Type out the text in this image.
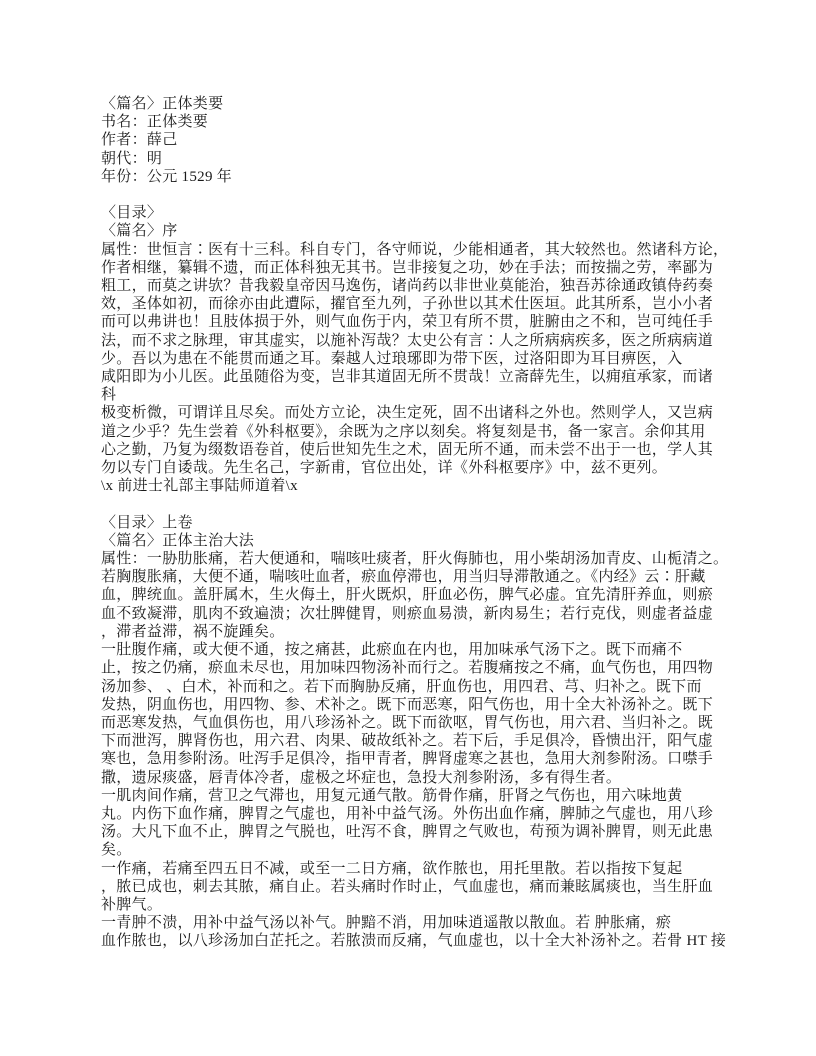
〈篇名〉正体类要
书名：正体类要
作者：薛己
朝代：明
年份：公元 1529 年

〈目录〉
〈篇名〉序
属性：世恒言∶医有十三科。科自专门，各守师说，少能相通者，其大较然也。然诸科方论，
作者相继，纂辑不遗，而正体科独无其书。岂非接复之功，妙在手法；而按揣之劳，率鄙为
粗工，而莫之讲欤？昔我毅皇帝因马逸伤，诸尚药以非世业莫能治，独吾苏徐通政镇侍药奏
效，圣体如初，而徐亦由此遭际，擢官至九列，子孙世以其术仕医垣。此其所系，岂小小者
而可以弗讲也！且肢体损于外，则气血伤于内，荣卫有所不贯，脏腑由之不和，岂可纯任手
法，而不求之脉理，审其虚实，以施补泻哉？太史公有言∶人之所病病疾多，医之所病病道
少。吾以为患在不能贯而通之耳。秦越人过琅琊即为带下医，过洛阳即为耳目痹医，入
咸阳即为小儿医。此虽随俗为变，岂非其道固无所不贯哉！立斋薛先生，以痈疽承家，而诸
科
极变析微，可谓详且尽矣。而处方立论，决生定死，固不出诸科之外也。然则学人，又岂病
道之少乎？先生尝着《外科枢要》，余既为之序以刻矣。将复刻是书，备一家言。余仰其用
心之勤，乃复为缀数语卷首，使后世知先生之术，固无所不通，而未尝不出于一也，学人其
勿以专门自诿哉。先生名己，字新甫，官位出处，详《外科枢要序》中，兹不更列。
\x 前进士礼部主事陆师道着\x

〈目录〉上卷
〈篇名〉正体主治大法
属性：一胁肋胀痛，若大便通和，喘咳吐痰者，肝火侮肺也，用小柴胡汤加青皮、山栀清之。
若胸腹胀痛，大便不通，喘咳吐血者，瘀血停滞也，用当归导滞散通之。《内经》云∶肝藏
血，脾统血。盖肝属木，生火侮土，肝火既炽，肝血必伤，脾气必虚。宜先清肝养血，则瘀
血不致凝滞，肌肉不致遍溃；次壮脾健胃，则瘀血易溃，新肉易生；若行克伐，则虚者益虚
，滞者益滞，祸不旋踵矣。
一肚腹作痛，或大便不通，按之痛甚，此瘀血在内也，用加味承气汤下之。既下而痛不
止，按之仍痛，瘀血未尽也，用加味四物汤补而行之。若腹痛按之不痛，血气伤也，用四物
汤加参、 、白术，补而和之。若下而胸胁反痛，肝血伤也，用四君、芎、归补之。既下而
发热，阴血伤也，用四物、参、术补之。既下而恶寒，阳气伤也，用十全大补汤补之。既下
而恶寒发热，气血俱伤也，用八珍汤补之。既下而欲呕，胃气伤也，用六君、当归补之。既
下而泄泻，脾肾伤也，用六君、肉果、破故纸补之。若下后，手足俱冷，昏愦出汗，阳气虚
寒也，急用参附汤。吐泻手足俱冷，指甲青者，脾肾虚寒之甚也，急用大剂参附汤。口噤手
撒，遗尿痰盛，唇青体冷者，虚极之坏症也，急投大剂参附汤，多有得生者。
一肌肉间作痛，营卫之气滞也，用复元通气散。筋骨作痛，肝肾之气伤也，用六味地黄
丸。内伤下血作痛，脾胃之气虚也，用补中益气汤。外伤出血作痛，脾肺之气虚也，用八珍
汤。大凡下血不止，脾胃之气脱也，吐泻不食，脾胃之气败也，苟预为调补脾胃，则无此患
矣。
一作痛，若痛至四五日不减，或至一二日方痛，欲作脓也，用托里散。若以指按下复起
，脓已成也，刺去其脓，痛自止。若头痛时作时止，气血虚也，痛而兼眩属痰也，当生肝血
补脾气。
一青肿不溃，用补中益气汤以补气。肿黯不消，用加味逍遥散以散血。若 肿胀痛，瘀
血作脓也，以八珍汤加白芷托之。若脓溃而反痛，气血虚也，以十全大补汤补之。若骨 HT 接
